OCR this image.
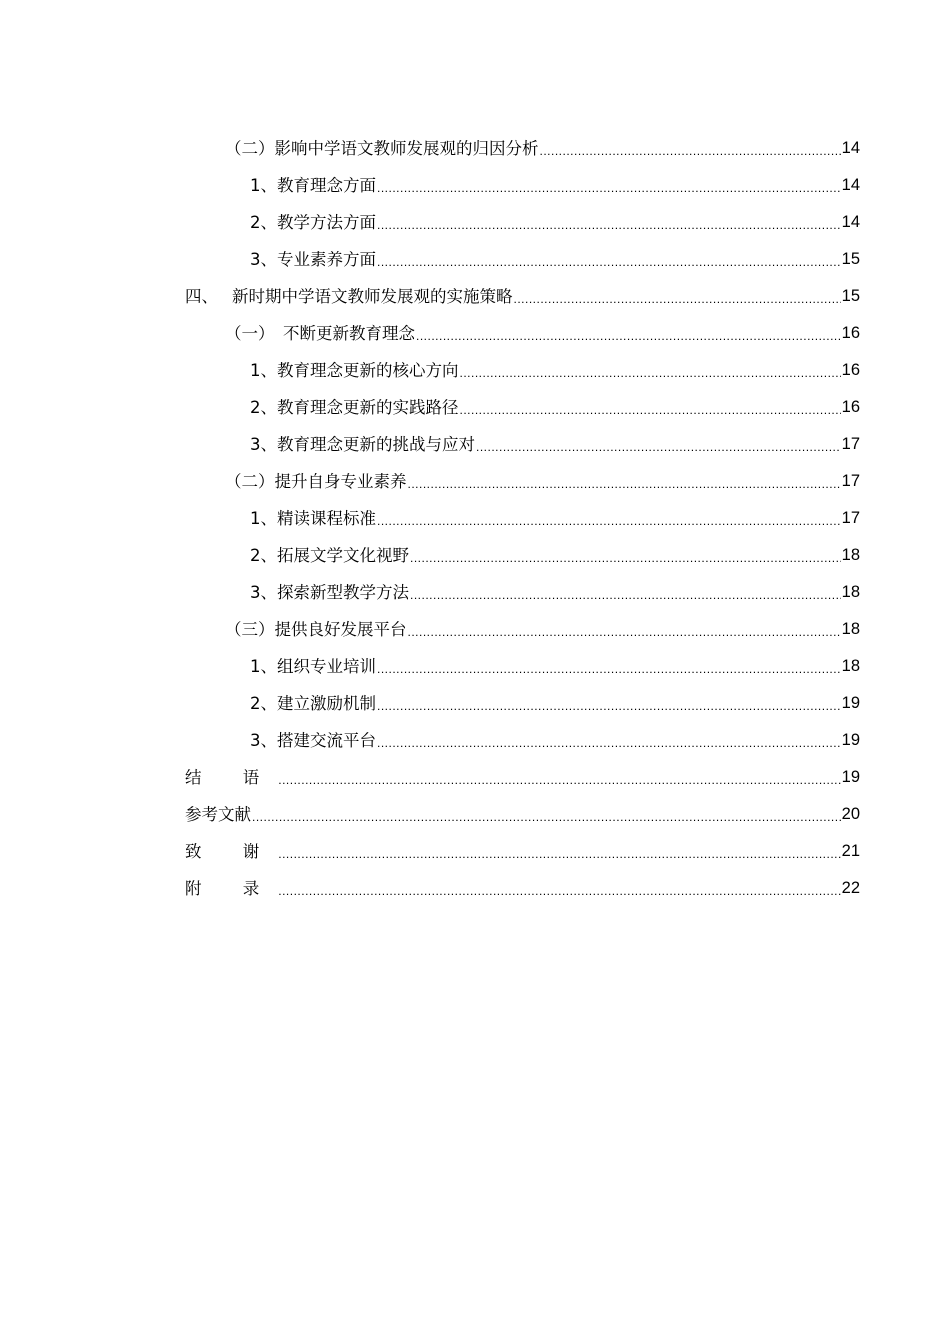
（二） 影响中学语文教师发展观的归因分析 .....	14
1、 教育理念方面 .....	14
2、 教学方法方面 .....	14
3、 专业素养方面 .....	15
四、 新时期中学语文教师发展观的实施策略 .....	15
（一） 不断更新教育理念 .....	16
1、 教育理念更新的核心方向 .....	16
2、 教育理念更新的实践路径 .....	16
3、 教育理念更新的挑战与应对 .....	17
（二） 提升自身专业素养 .....	17
1、 精读课程标准 .....	17
2、 拓展文学文化视野 .....	18
3、 探索新型教学方法 .....	18
（三） 提供良好发展平台 .....	18
1、 组织专业培训 .....	18
2、 建立激励机制 .....	19
3、 搭建交流平台 .....	19
结 语 .....	19
参考文献 .....	20
致 谢 .....	21
附 录 .....	22
